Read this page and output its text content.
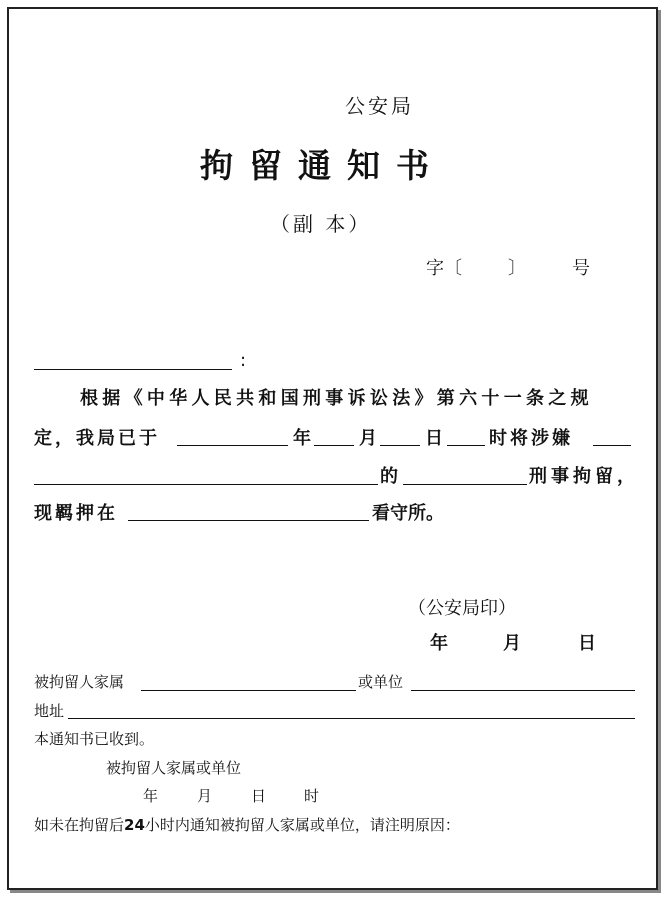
公安局
拘留通知书
（副 本）
字〔	〕	号
:
根据《中华人民共和国刑事诉讼法》第六十一条之规
定，我局已于	年	月	日	时将涉嫌
的	刑事拘留，
现羁押在	看守所。
（公安局印）
年	月	日
被拘留人家属	或单位
地址
本通知书已收到。
被拘留人家属或单位
年	月	日	时
如未在拘留后24小时内通知被拘留人家属或单位，请注明原因：
